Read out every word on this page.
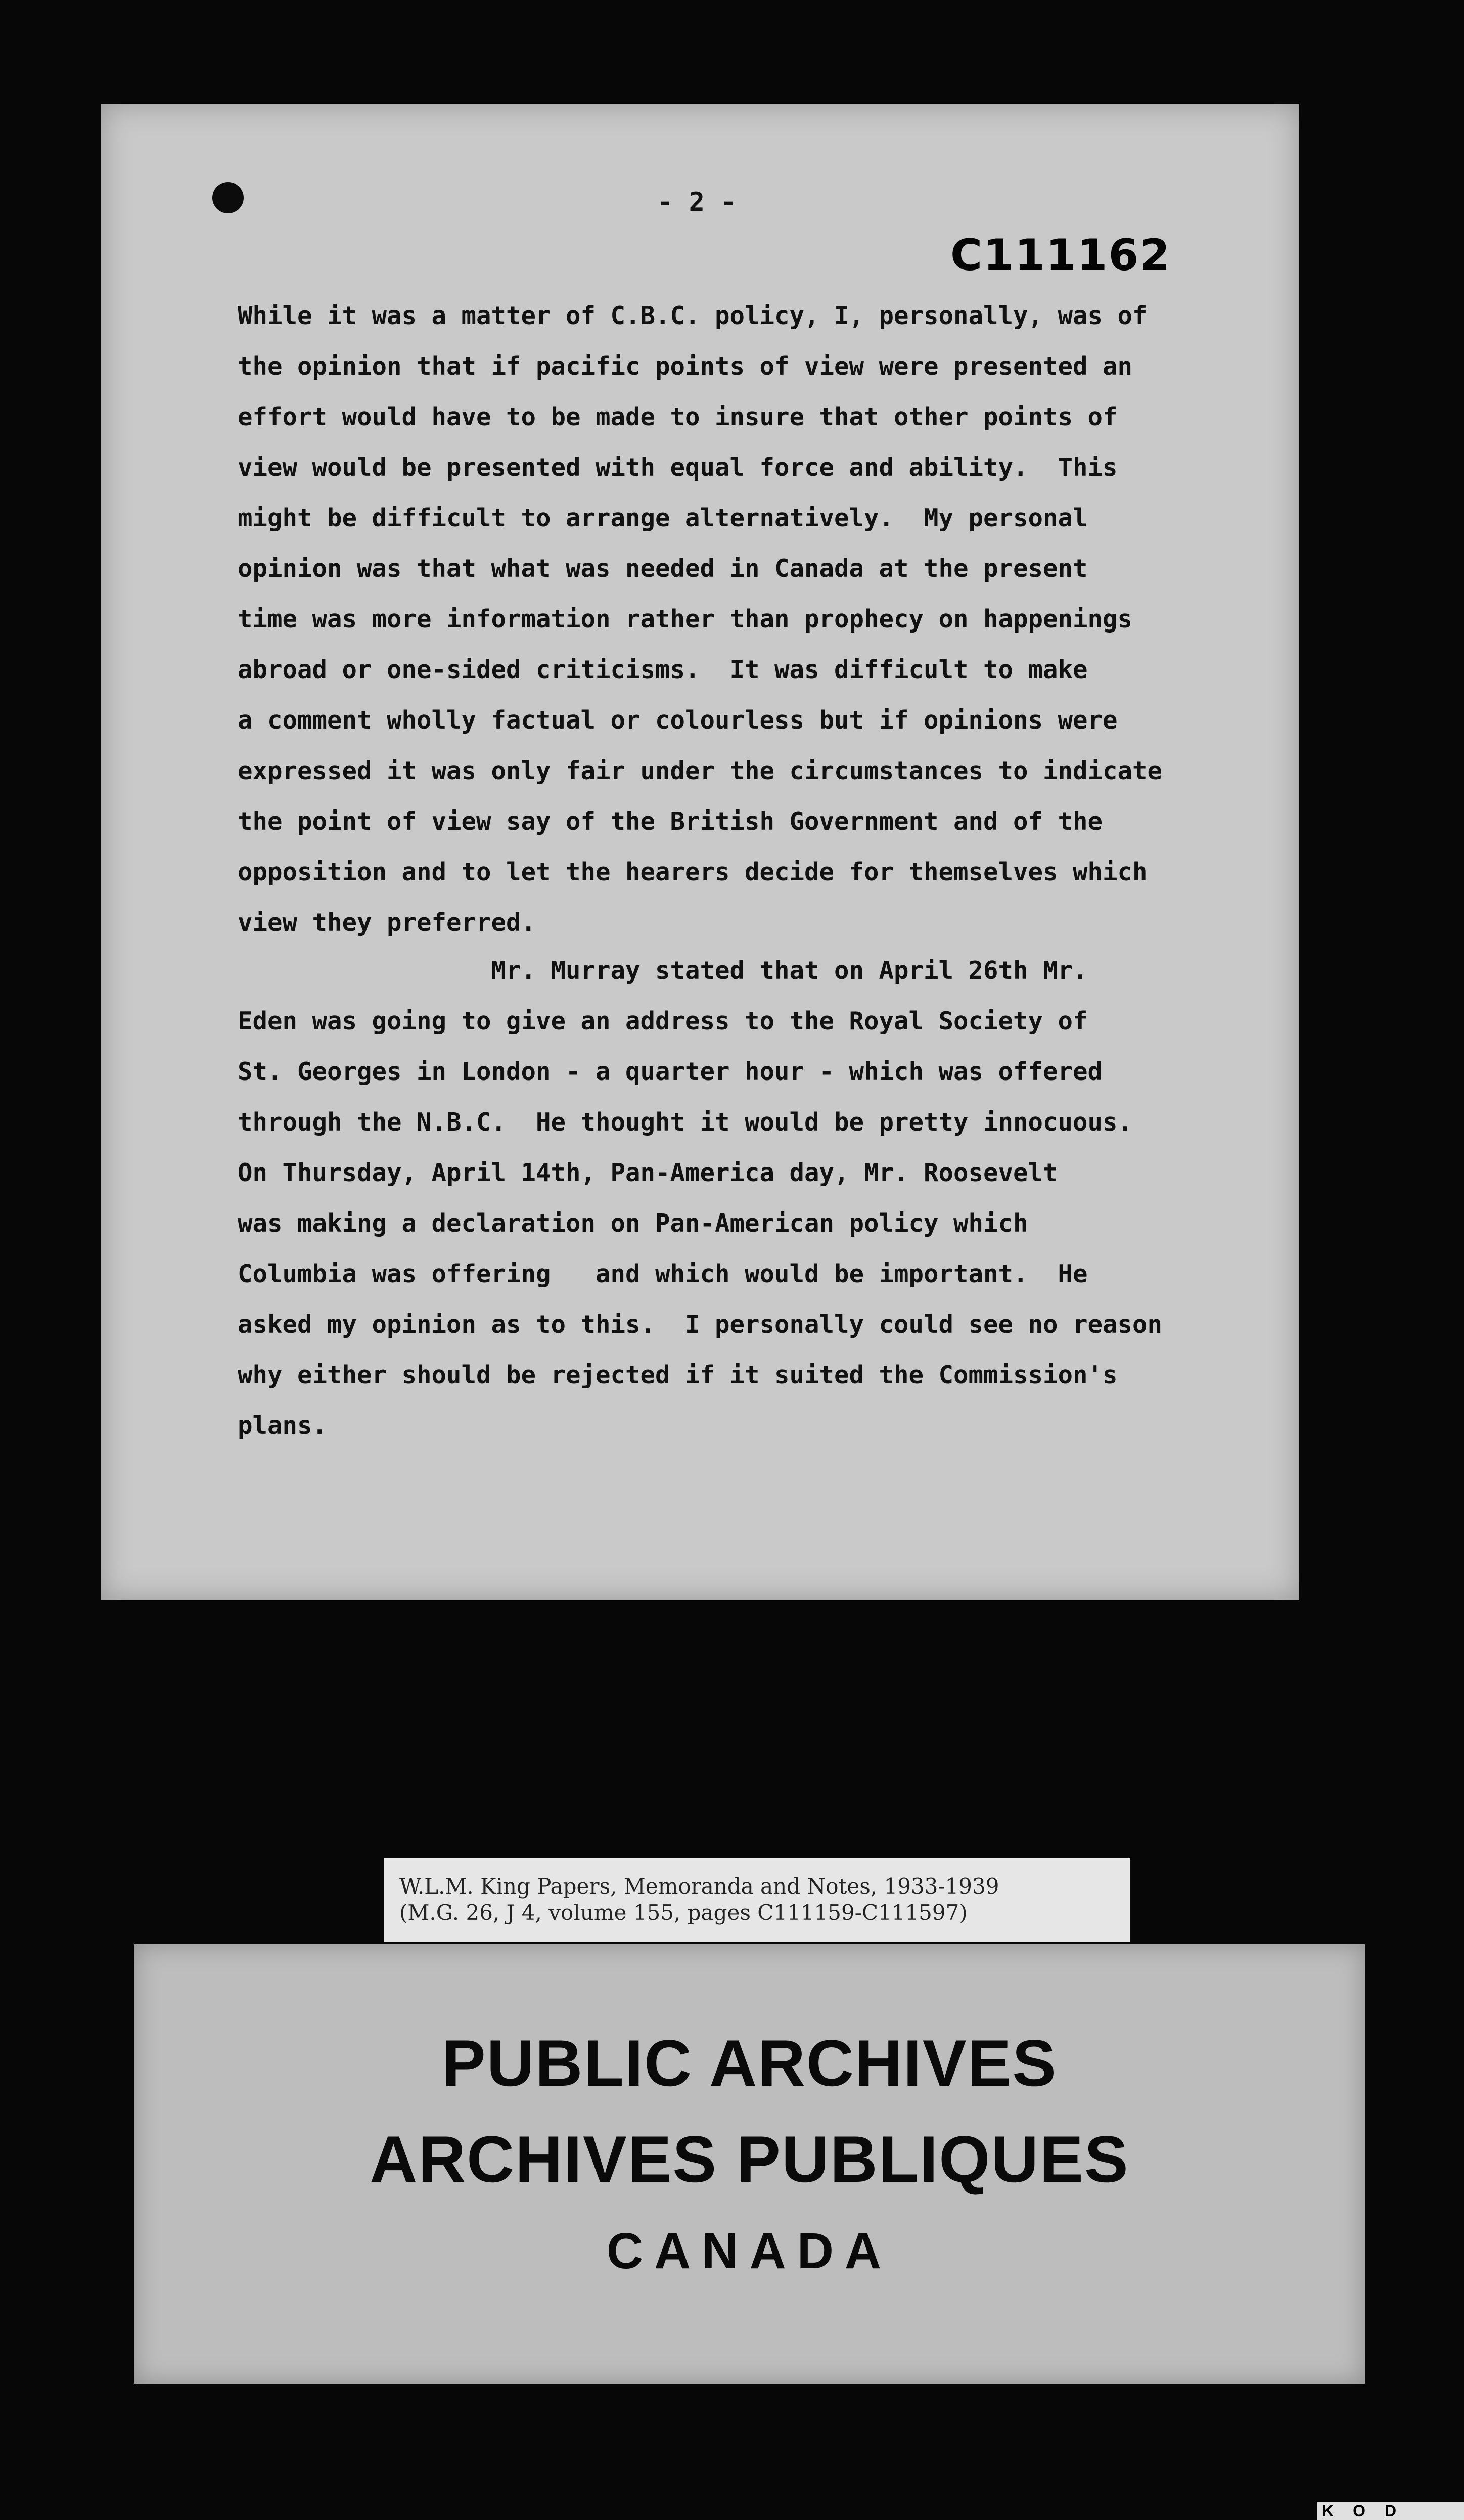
- 2 -
C111162
While it was a matter of C.B.C. policy, I, personally, was of
the opinion that if pacific points of view were presented an
effort would have to be made to insure that other points of
view would be presented with equal force and ability.  This
might be difficult to arrange alternatively.  My personal
opinion was that what was needed in Canada at the present
time was more information rather than prophecy on happenings
abroad or one-sided criticisms.  It was difficult to make
a comment wholly factual or colourless but if opinions were
expressed it was only fair under the circumstances to indicate
the point of view say of the British Government and of the
opposition and to let the hearers decide for themselves which
view they preferred.
Mr. Murray stated that on April 26th Mr.
Eden was going to give an address to the Royal Society of
St. Georges in London - a quarter hour - which was offered
through the N.B.C.  He thought it would be pretty innocuous.
On Thursday, April 14th, Pan-America day, Mr. Roosevelt
was making a declaration on Pan-American policy which
Columbia was offering   and which would be important.  He
asked my opinion as to this.  I personally could see no reason
why either should be rejected if it suited the Commission's
plans.
W.L.M. King Papers, Memoranda and Notes, 1933-1939
(M.G. 26, J 4, volume 155, pages C111159-C111597)
PUBLIC ARCHIVES
ARCHIVES PUBLIQUES
CANADA
KOD
